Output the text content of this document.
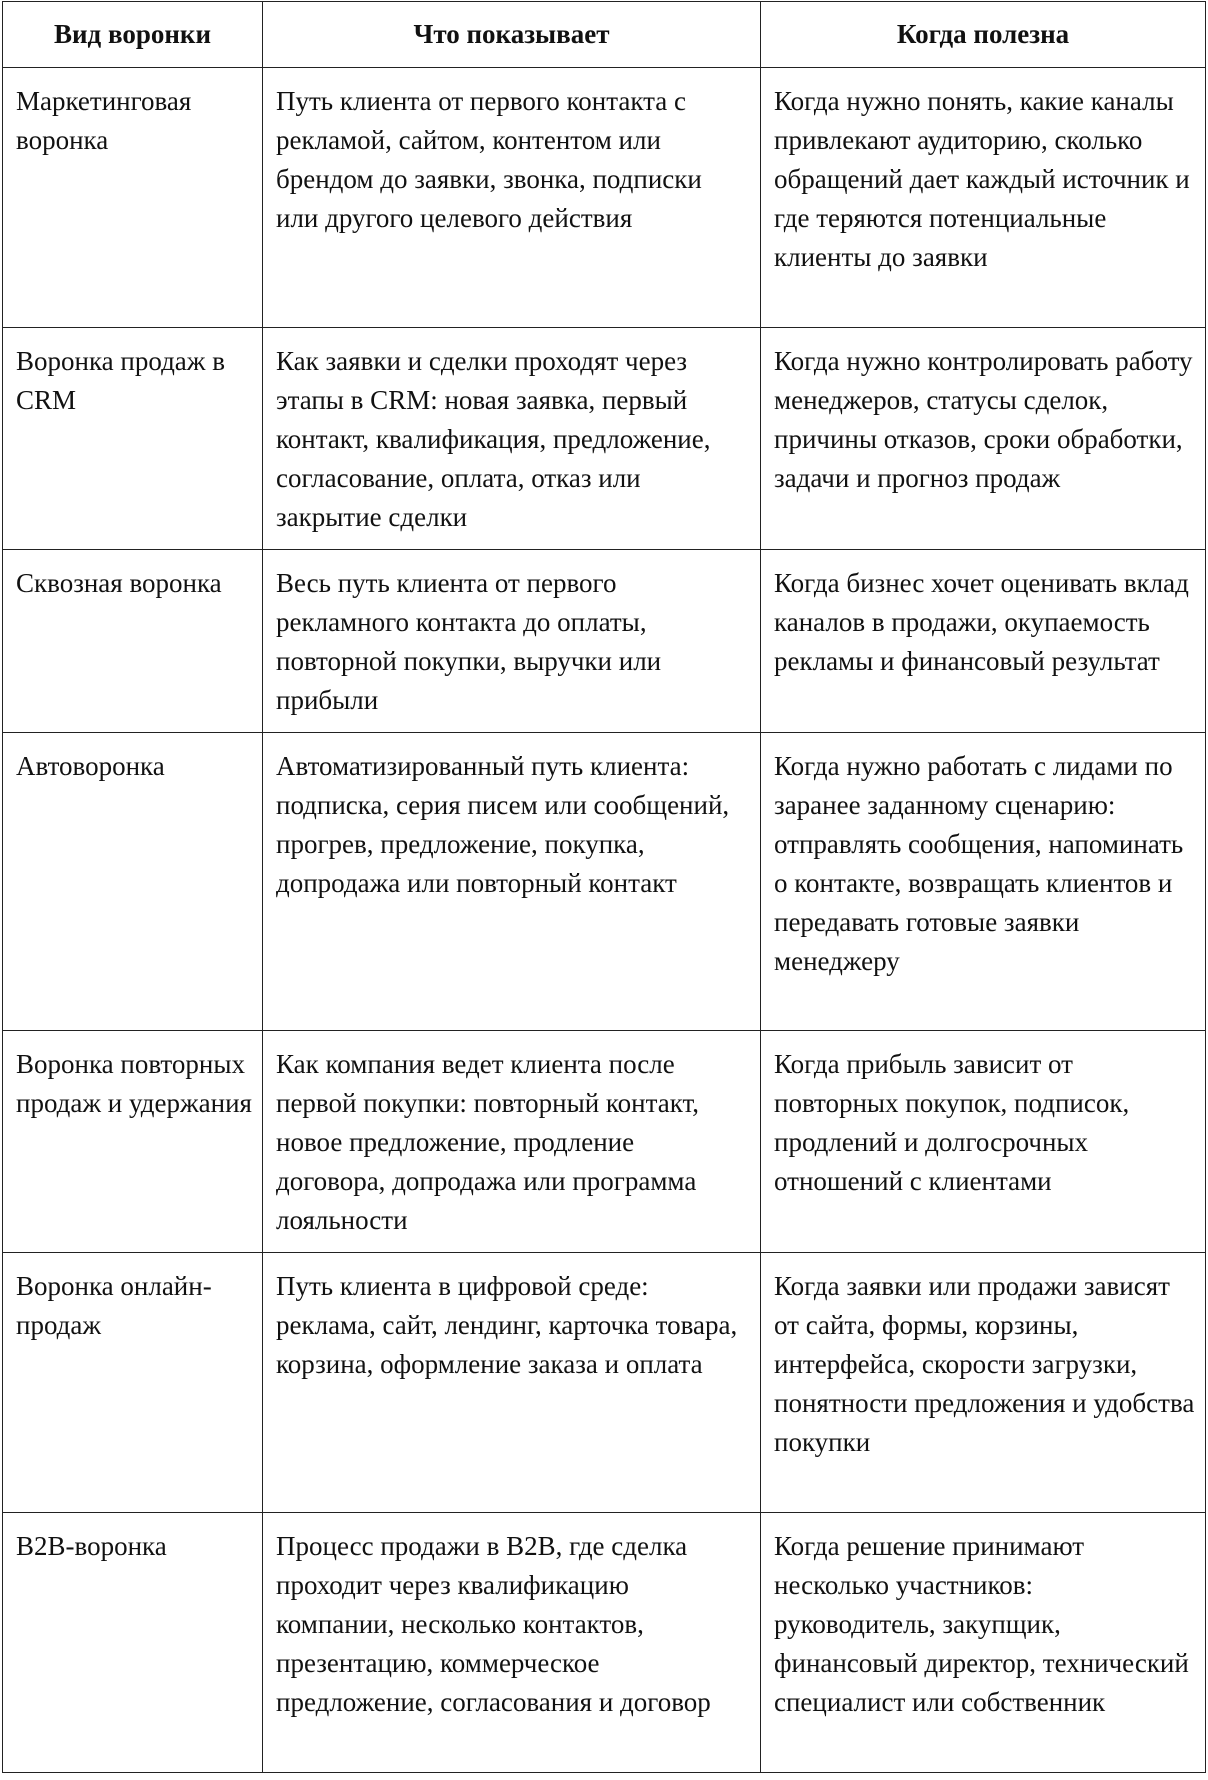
Вид воронки	Что показывает	Когда полезна
Маркетинговая воронка	Путь клиента от первого контакта с рекламой, сайтом, контентом или брендом до заявки, звонка, подписки или другого целевого действия	Когда нужно понять, какие каналы привлекают аудиторию, сколько обращений дает каждый источник и где теряются потенциальные клиенты до заявки
Воронка продаж в CRM	Как заявки и сделки проходят через этапы в CRM: новая заявка, первый контакт, квалификация, предложение, согласование, оплата, отказ или закрытие сделки	Когда нужно контролировать работу менеджеров, статусы сделок, причины отказов, сроки обработки, задачи и прогноз продаж
Сквозная воронка	Весь путь клиента от первого рекламного контакта до оплаты, повторной покупки, выручки или прибыли	Когда бизнес хочет оценивать вклад каналов в продажи, окупаемость рекламы и финансовый результат
Автоворонка	Автоматизированный путь клиента: подписка, серия писем или сообщений, прогрев, предложение, покупка, допродажа или повторный контакт	Когда нужно работать с лидами по заранее заданному сценарию: отправлять сообщения, напоминать о контакте, возвращать клиентов и передавать готовые заявки менеджеру
Воронка повторных продаж и удержания	Как компания ведет клиента после первой покупки: повторный контакт, новое предложение, продление договора, допродажа или программа лояльности	Когда прибыль зависит от повторных покупок, подписок, продлений и долгосрочных отношений с клиентами
Воронка онлайн-продаж	Путь клиента в цифровой среде: реклама, сайт, лендинг, карточка товара, корзина, оформление заказа и оплата	Когда заявки или продажи зависят от сайта, формы, корзины, интерфейса, скорости загрузки, понятности предложения и удобства покупки
B2B-воронка	Процесс продажи в B2B, где сделка проходит через квалификацию компании, несколько контактов, презентацию, коммерческое предложение, согласования и договор	Когда решение принимают несколько участников: руководитель, закупщик, финансовый директор, технический специалист или собственник
